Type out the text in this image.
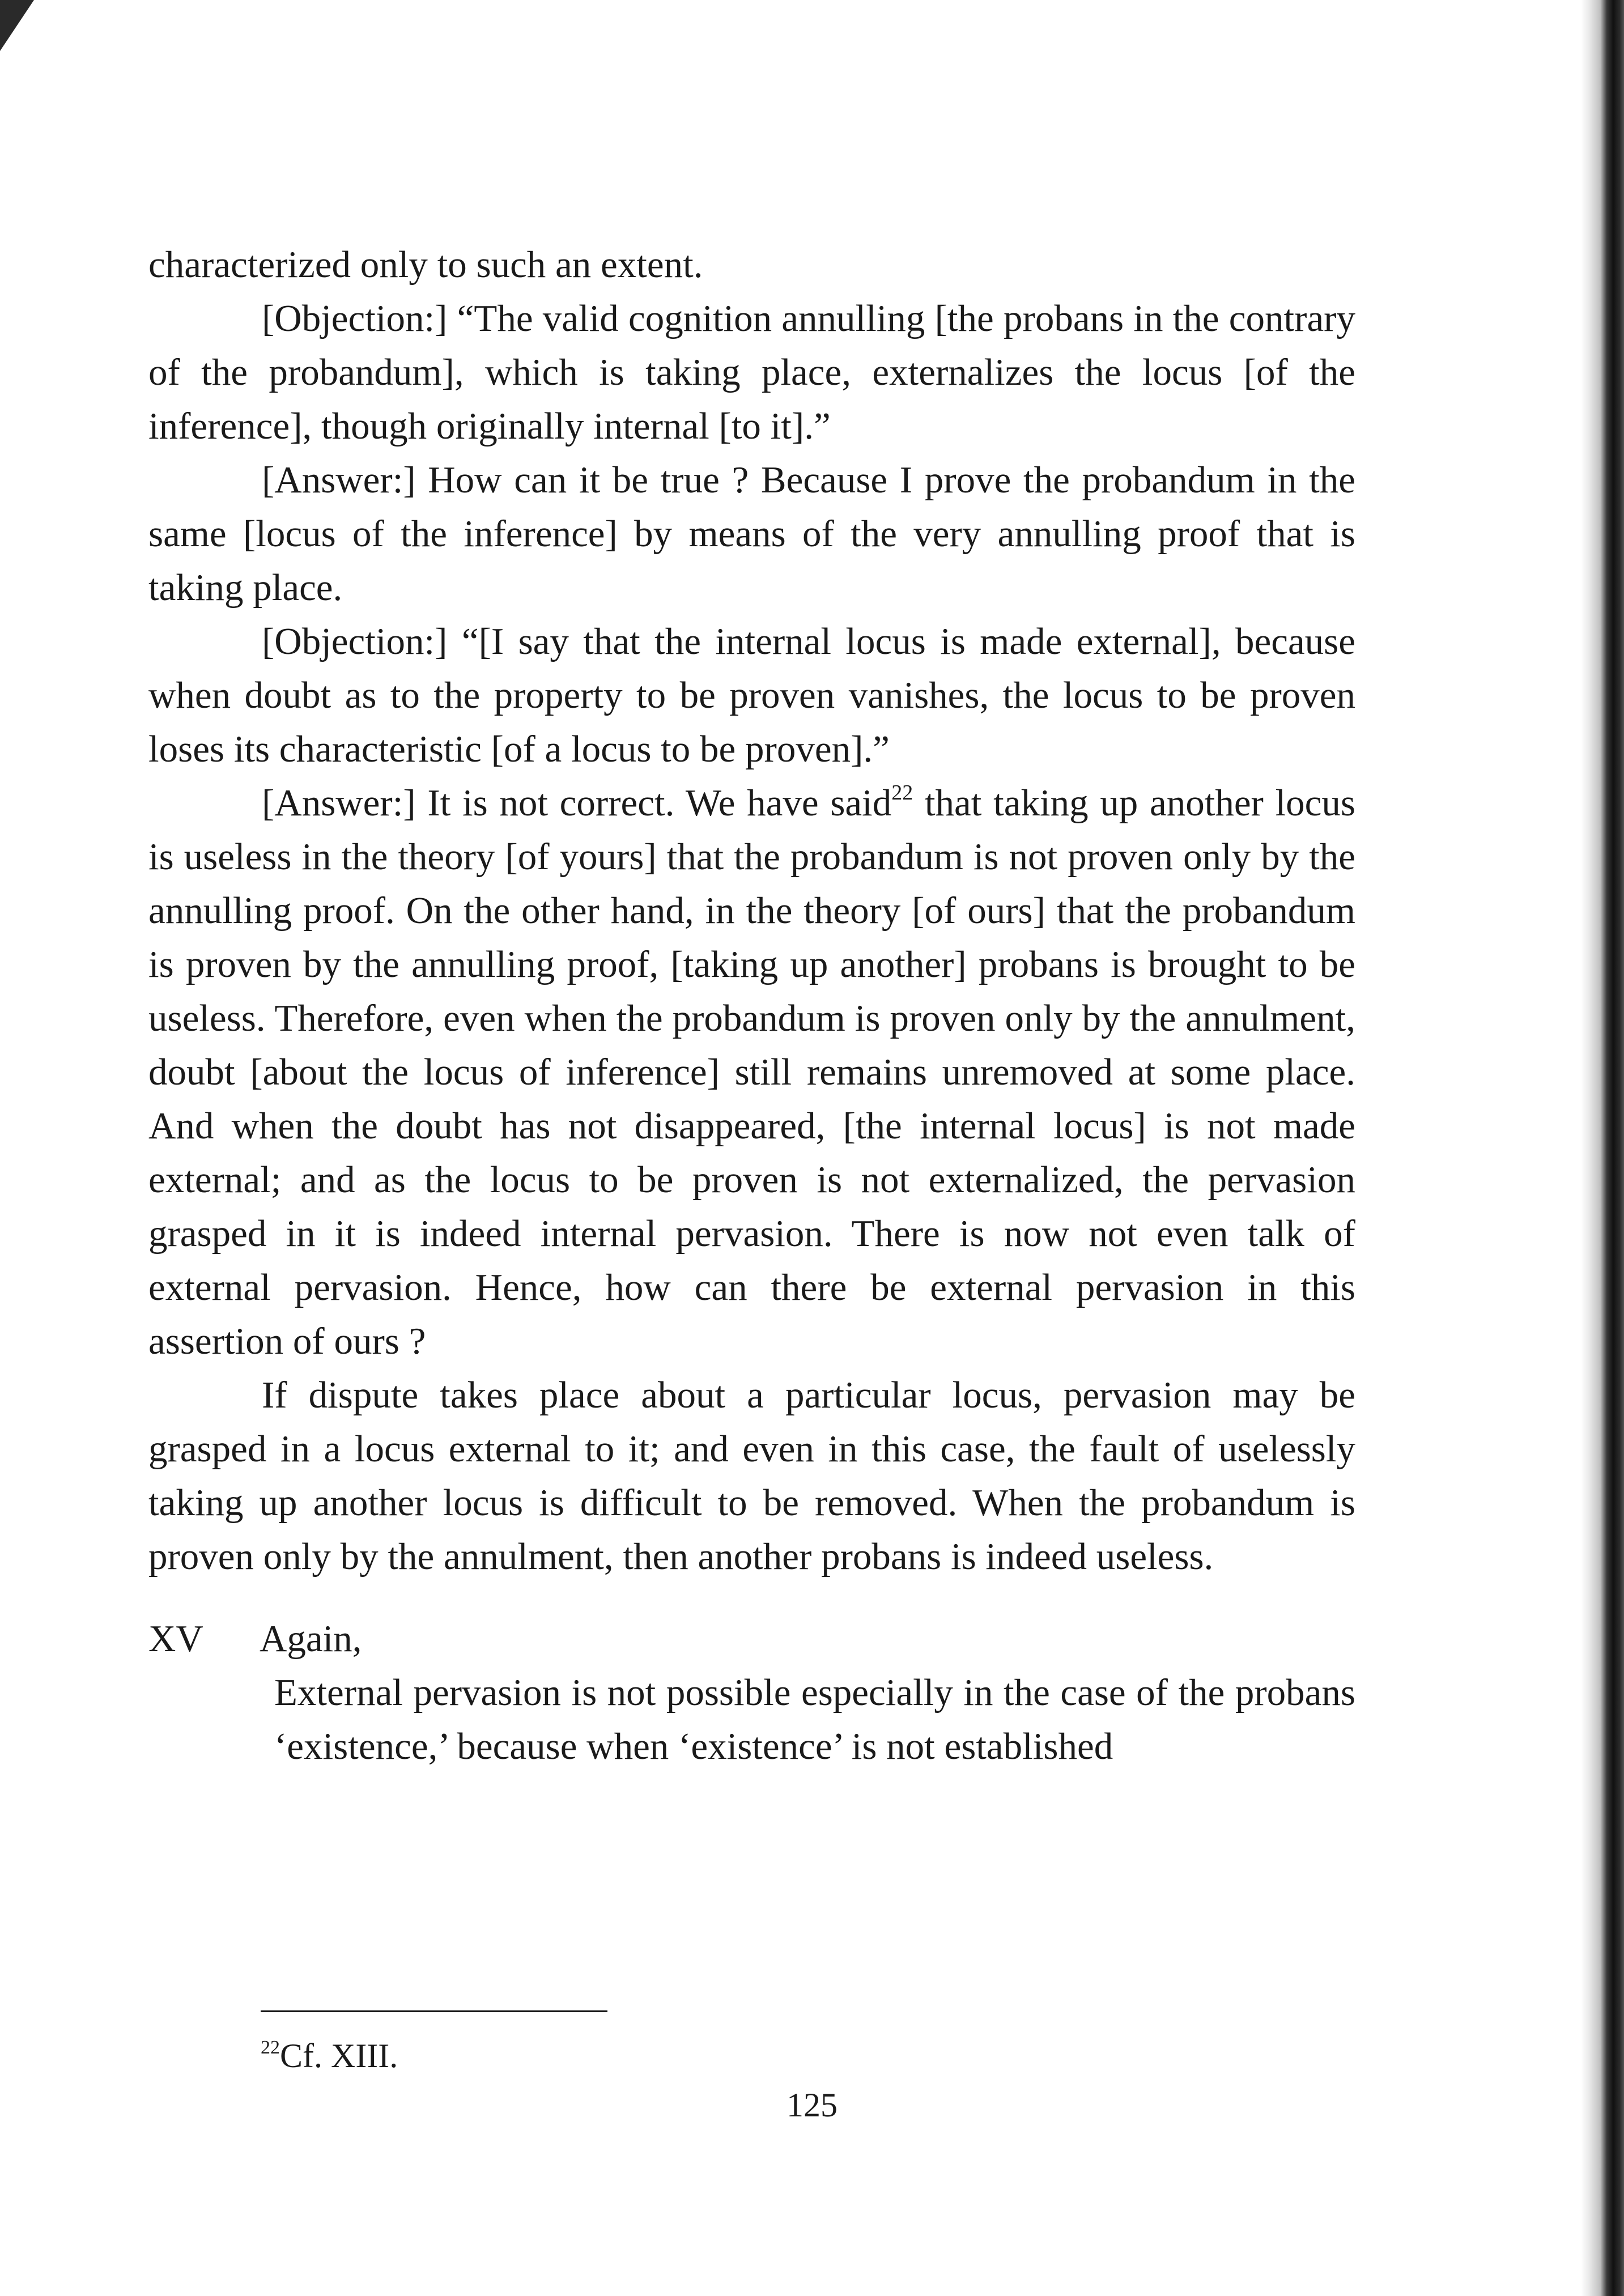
characterized only to such an extent.

[Objection:] “The valid cognition annulling [the probans in the contrary of the probandum], which is taking place, externalizes the locus [of the inference], though originally internal [to it].”

[Answer:] How can it be true ? Because I prove the probandum in the same [locus of the inference] by means of the very annulling proof that is taking place.

[Objection:] “[I say that the internal locus is made external], because when doubt as to the property to be proven vanishes, the locus to be proven loses its characteristic [of a locus to be proven].”

[Answer:] It is not correct. We have said$^{22}$ that taking up another locus is useless in the theory [of yours] that the probandum is not proven only by the annulling proof. On the other hand, in the theory [of ours] that the probandum is proven by the annulling proof, [taking up another] probans is brought to be useless. Therefore, even when the probandum is proven only by the annulment, doubt [about the locus of inference] still remains unremoved at some place. And when the doubt has not disappeared, [the internal locus] is not made external; and as the locus to be proven is not externalized, the pervasion grasped in it is indeed internal pervasion. There is now not even talk of external pervasion. Hence, how can there be external pervasion in this assertion of ours ?

If dispute takes place about a particular locus, pervasion may be grasped in a locus external to it; and even in this case, the fault of uselessly taking up another locus is difficult to be removed. When the probandum is proven only by the annulment, then another probans is indeed useless.

XV	Again,
External pervasion is not possible especially in the case of the probans ‘existence,’ because when ‘existence’ is not established
$^{22}$Cf. XIII.
125
